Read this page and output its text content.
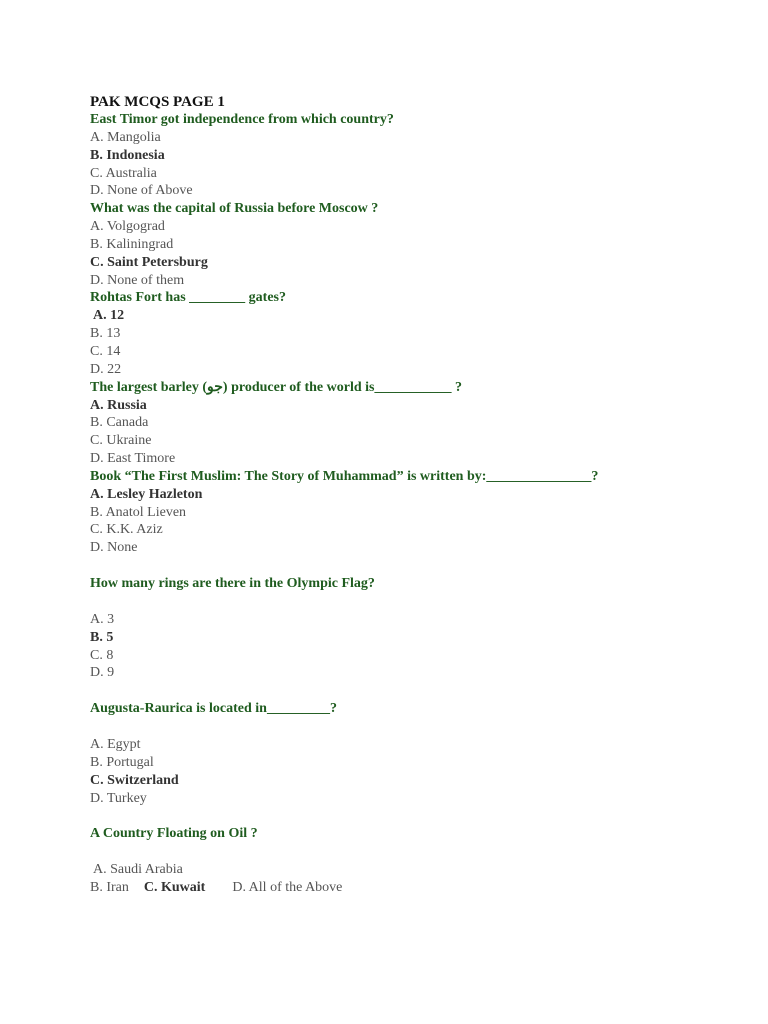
PAK MCQS PAGE 1
East Timor got independence from which country?
A. Mangolia
B. Indonesia
C. Australia
D. None of Above
What was the capital of Russia before Moscow ?
A. Volgograd
B. Kaliningrad
C. Saint Petersburg
D. None of them
Rohtas Fort has ________ gates?
A. 12
B. 13
C. 14
D. 22
The largest barley (جو) producer of the world is___________ ?
A. Russia
B. Canada
C. Ukraine
D. East Timore
Book “The First Muslim: The Story of Muhammad” is written by:_______________?
A. Lesley Hazleton
B. Anatol Lieven
C. K.K. Aziz
D. None
How many rings are there in the Olympic Flag?
A. 3
B. 5
C. 8
D. 9
Augusta-Raurica is located in_________?
A. Egypt
B. Portugal
C. Switzerland
D. Turkey
A Country Floating on Oil ?
A. Saudi Arabia
B. Iran C. Kuwait D. All of the Above
